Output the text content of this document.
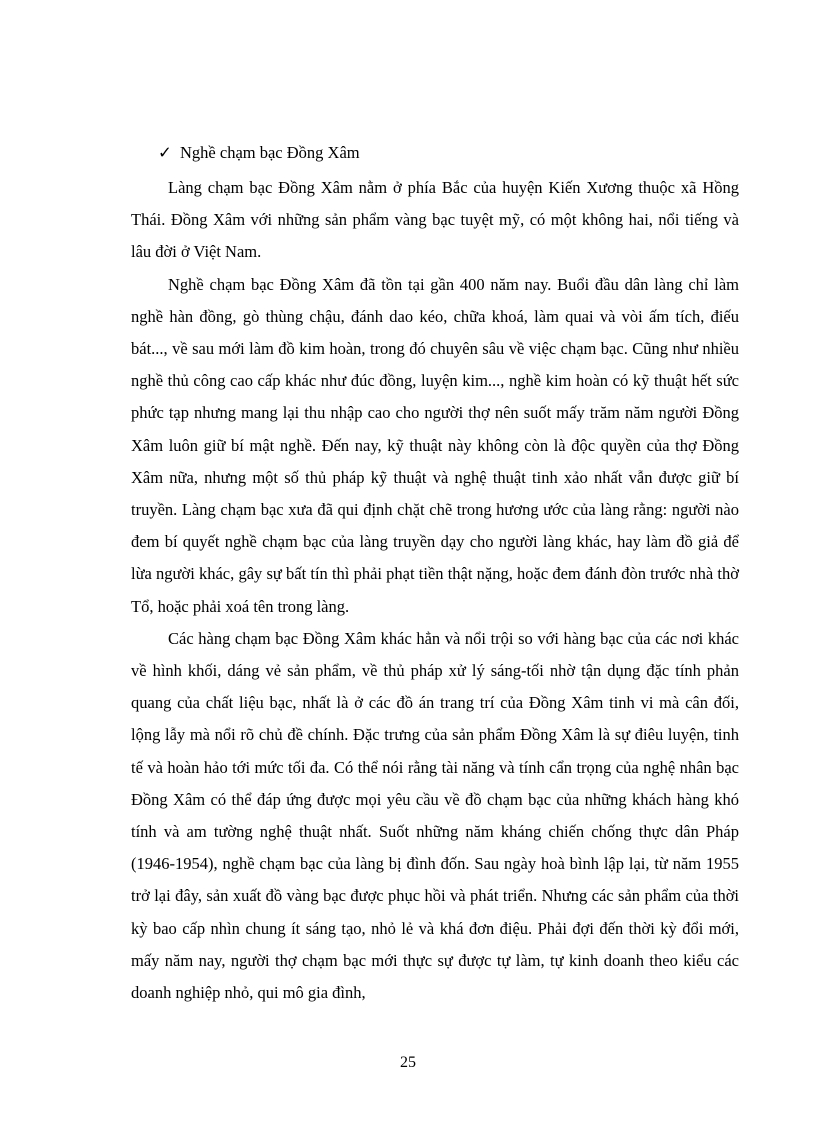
✓ Nghề chạm bạc Đồng Xâm

Làng chạm bạc Đồng Xâm nằm ở phía Bắc của huyện Kiến Xương thuộc xã Hồng Thái. Đồng Xâm với những sản phẩm vàng bạc tuyệt mỹ, có một không hai, nổi tiếng và lâu đời ở Việt Nam.

Nghề chạm bạc Đồng Xâm đã tồn tại gần 400 năm nay. Buổi đầu dân làng chỉ làm nghề hàn đồng, gò thùng chậu, đánh dao kéo, chữa khoá, làm quai và vòi ấm tích, điếu bát..., về sau mới làm đồ kim hoàn, trong đó chuyên sâu về việc chạm bạc. Cũng như nhiều nghề thủ công cao cấp khác như đúc đồng, luyện kim..., nghề kim hoàn có kỹ thuật hết sức phức tạp nhưng mang lại thu nhập cao cho người thợ nên suốt mấy trăm năm người Đồng Xâm luôn giữ bí mật nghề. Đến nay, kỹ thuật này không còn là độc quyền của thợ Đồng Xâm nữa, nhưng một số thủ pháp kỹ thuật và nghệ thuật tinh xảo nhất vẫn được giữ bí truyền. Làng chạm bạc xưa đã qui định chặt chẽ trong hương ước của làng rằng: người nào đem bí quyết nghề chạm bạc của làng truyền dạy cho người làng khác, hay làm đồ giả để lừa người khác, gây sự bất tín thì phải phạt tiền thật nặng, hoặc đem đánh đòn trước nhà thờ Tổ, hoặc phải xoá tên trong làng.

Các hàng chạm bạc Đồng Xâm khác hẳn và nổi trội so với hàng bạc của các nơi khác về hình khối, dáng vẻ sản phẩm, về thủ pháp xử lý sáng-tối nhờ tận dụng đặc tính phản quang của chất liệu bạc, nhất là ở các đồ án trang trí của Đồng Xâm tinh vi mà cân đối, lộng lẫy mà nổi rõ chủ đề chính. Đặc trưng của sản phẩm Đồng Xâm là sự điêu luyện, tinh tế và hoàn hảo tới mức tối đa. Có thể nói rằng tài năng và tính cẩn trọng của nghệ nhân bạc Đồng Xâm có thể đáp ứng được mọi yêu cầu về đồ chạm bạc của những khách hàng khó tính và am tường nghệ thuật nhất. Suốt những năm kháng chiến chống thực dân Pháp (1946-1954), nghề chạm bạc của làng bị đình đốn. Sau ngày hoà bình lập lại, từ năm 1955 trở lại đây, sản xuất đồ vàng bạc được phục hồi và phát triển. Nhưng các sản phẩm của thời kỳ bao cấp nhìn chung ít sáng tạo, nhỏ lẻ và khá đơn điệu. Phải đợi đến thời kỳ đổi mới, mấy năm nay, người thợ chạm bạc mới thực sự được tự làm, tự kinh doanh theo kiểu các doanh nghiệp nhỏ, qui mô gia đình,

25
